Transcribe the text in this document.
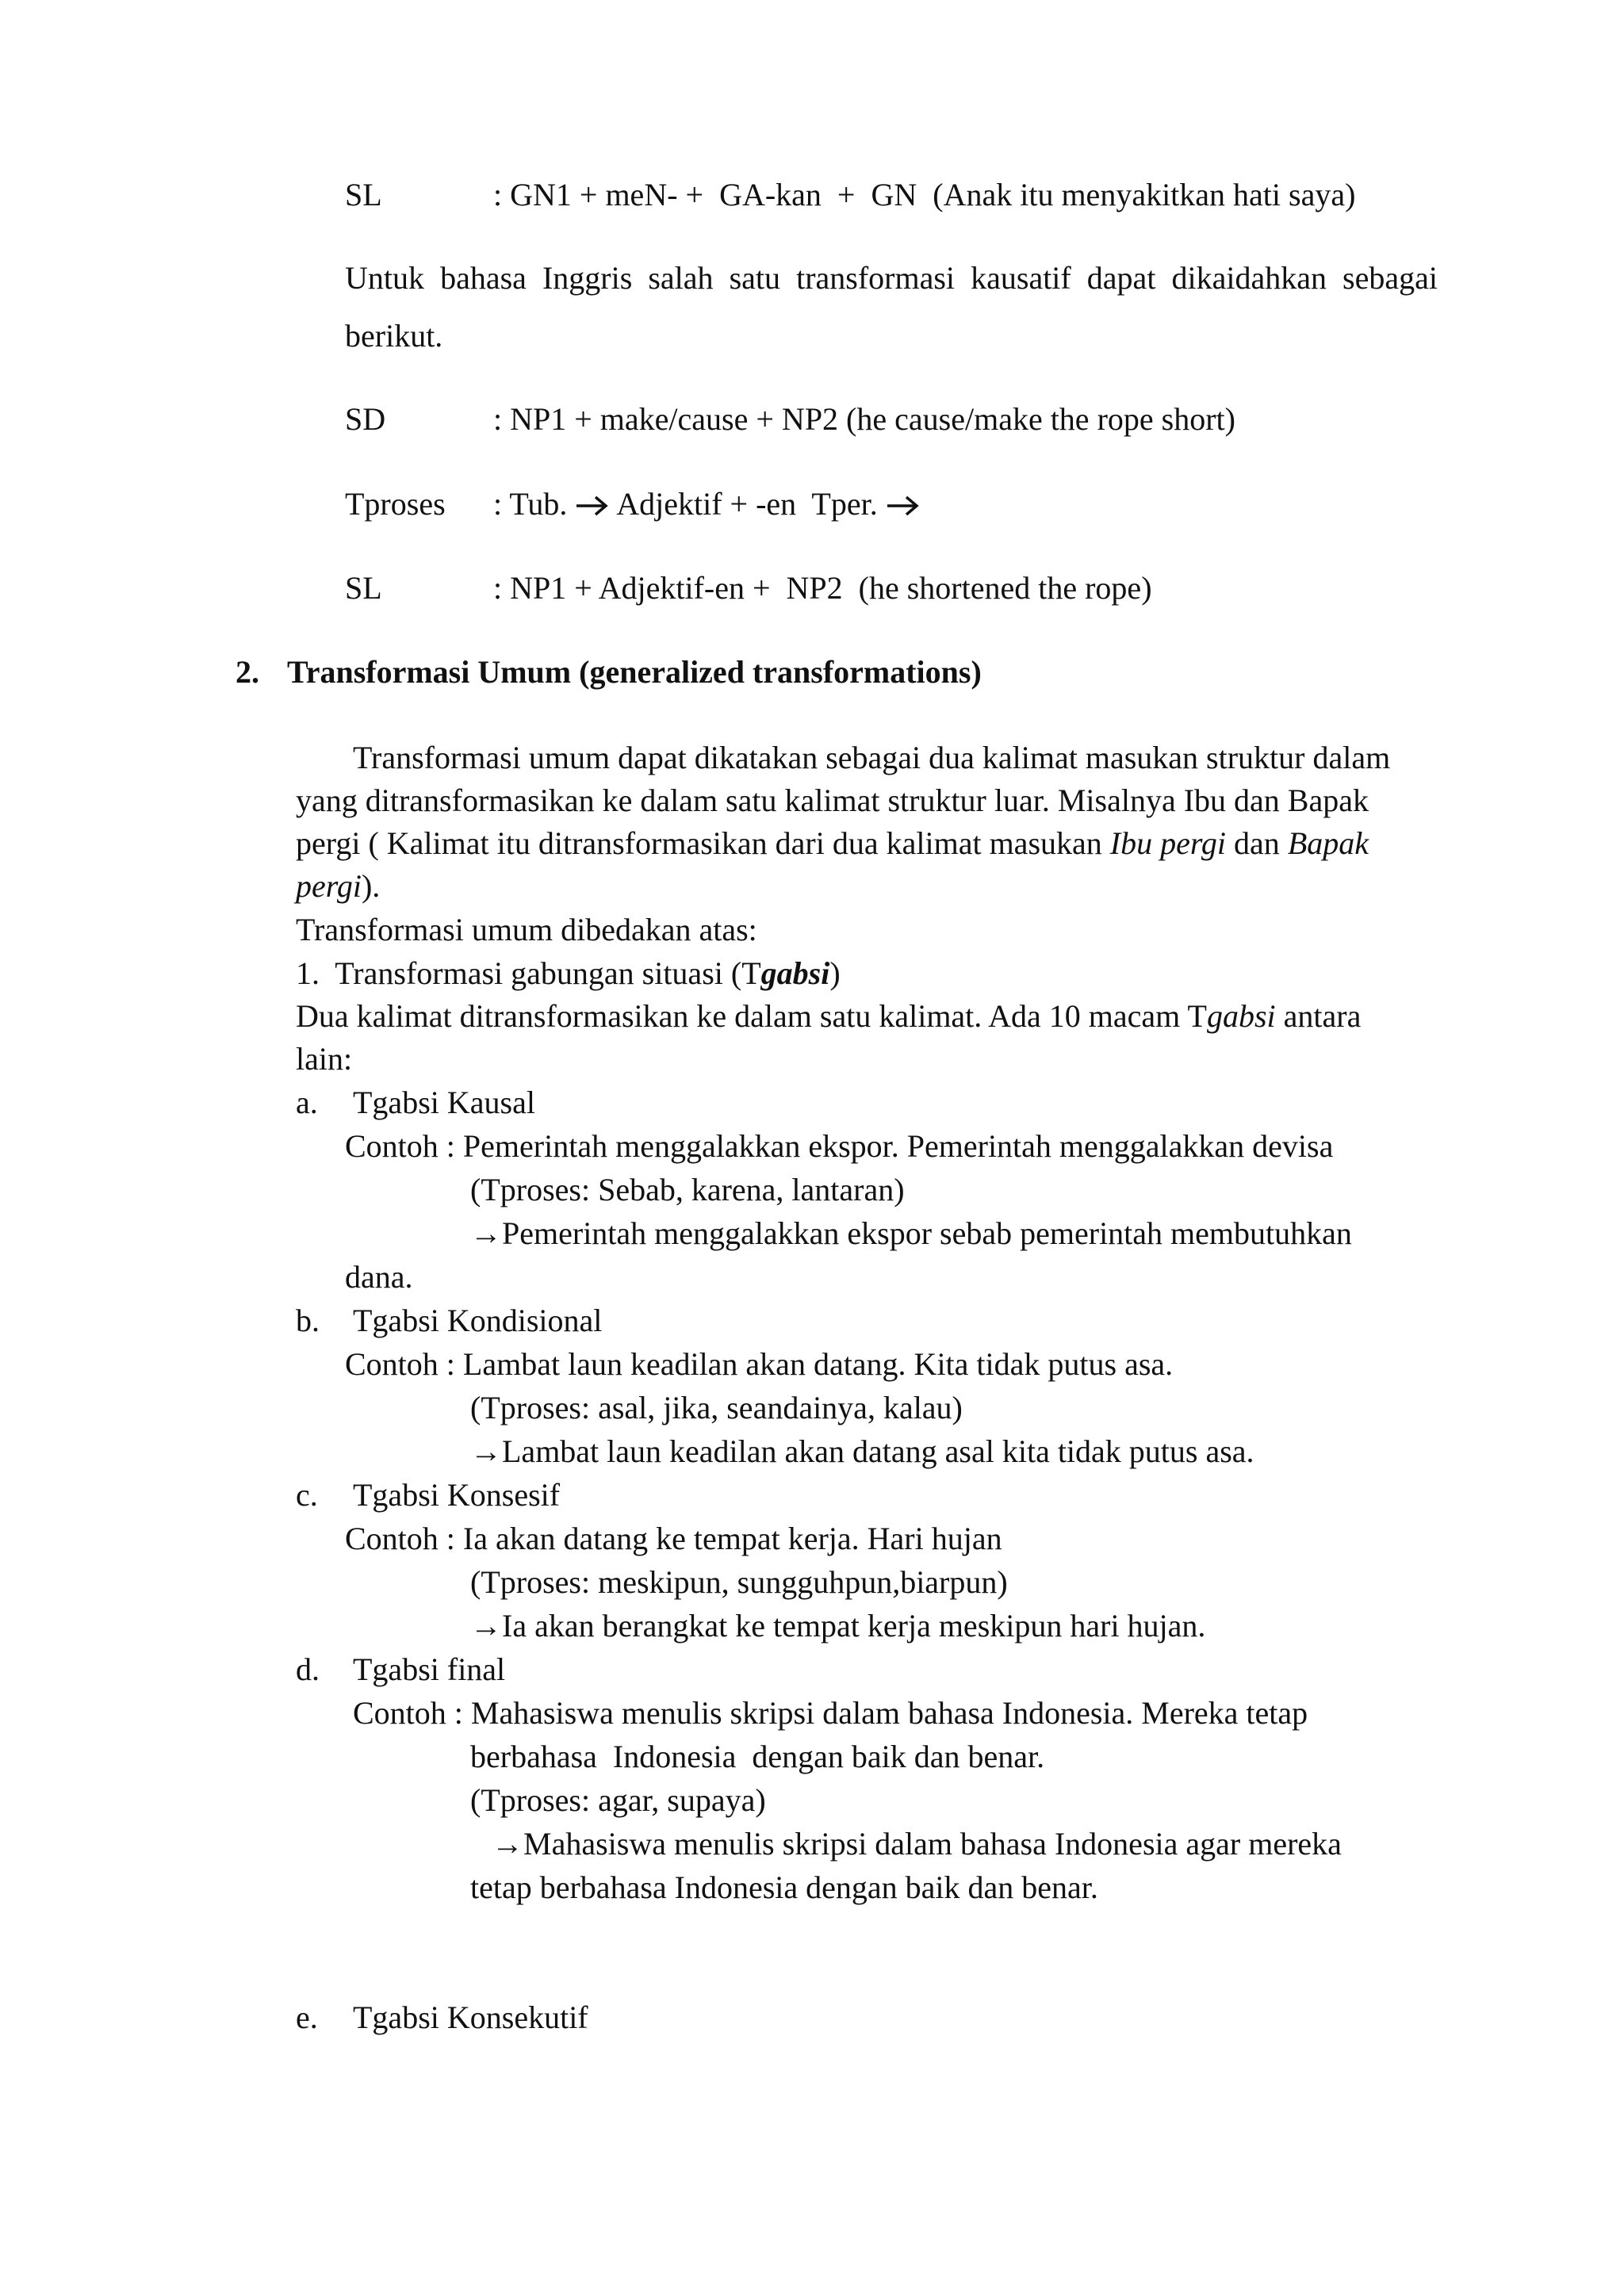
SL	: GN1 + meN- +  GA-kan  +  GN  (Anak itu menyakitkan hati saya)
Untuk bahasa Inggris salah satu transformasi kausatif dapat dikaidahkan sebagai
berikut.
SD	: NP1 + make/cause + NP2 (he cause/make the rope short)
Tproses : Tub.  Adjektif + -en  Tper.
SL	: NP1 + Adjektif-en +  NP2  (he shortened the rope)
2. Transformasi Umum (generalized transformations)
Transformasi umum dapat dikatakan sebagai dua kalimat masukan struktur dalam
yang ditransformasikan ke dalam satu kalimat struktur luar. Misalnya Ibu dan Bapak
pergi ( Kalimat itu ditransformasikan dari dua kalimat masukan Ibu pergi dan Bapak
pergi).
Transformasi umum dibedakan atas:
1.  Transformasi gabungan situasi (Tgabsi)
Dua kalimat ditransformasikan ke dalam satu kalimat. Ada 10 macam Tgabsi antara
lain:
a. Tgabsi Kausal
Contoh : Pemerintah menggalakkan ekspor. Pemerintah menggalakkan devisa
(Tproses: Sebab, karena, lantaran)
→Pemerintah menggalakkan ekspor sebab pemerintah membutuhkan
dana.
b. Tgabsi Kondisional
Contoh : Lambat laun keadilan akan datang. Kita tidak putus asa.
(Tproses: asal, jika, seandainya, kalau)
→Lambat laun keadilan akan datang asal kita tidak putus asa.
c. Tgabsi Konsesif
Contoh : Ia akan datang ke tempat kerja. Hari hujan
(Tproses: meskipun, sungguhpun,biarpun)
→Ia akan berangkat ke tempat kerja meskipun hari hujan.
d. Tgabsi final
Contoh : Mahasiswa menulis skripsi dalam bahasa Indonesia. Mereka tetap
berbahasa  Indonesia  dengan baik dan benar.
(Tproses: agar, supaya)
→Mahasiswa menulis skripsi dalam bahasa Indonesia agar mereka
tetap berbahasa Indonesia dengan baik dan benar.
e. Tgabsi Konsekutif
